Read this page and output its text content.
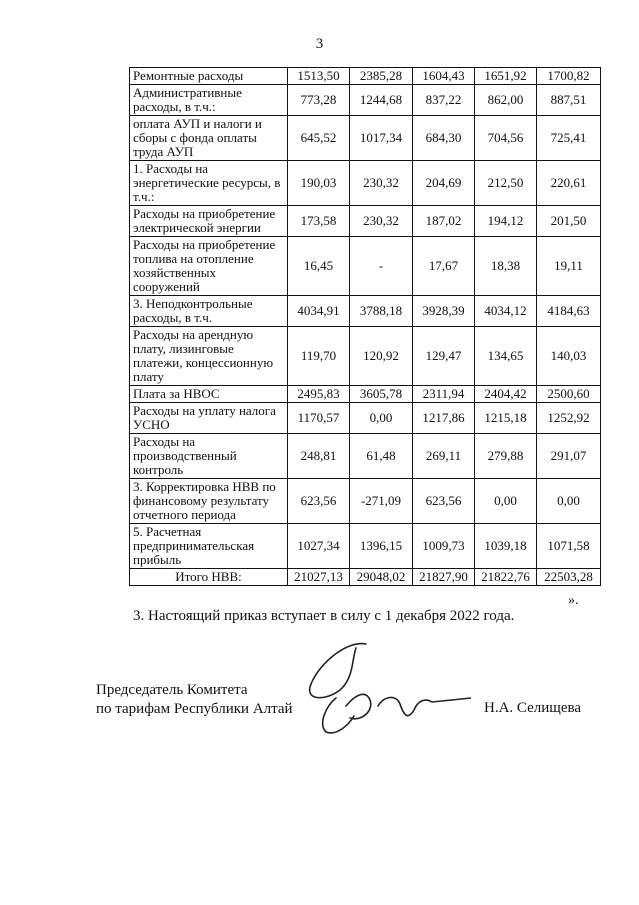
3
Ремонтные расходы	1513,50	2385,28	1604,43	1651,92	1700,82
Административные расходы, в т.ч.:	773,28	1244,68	837,22	862,00	887,51
оплата АУП и налоги и сборы с фонда оплаты труда АУП	645,52	1017,34	684,30	704,56	725,41
1. Расходы на энергетические ресурсы, в т.ч.:	190,03	230,32	204,69	212,50	220,61
Расходы на приобретение электрической энергии	173,58	230,32	187,02	194,12	201,50
Расходы на приобретение топлива на отопление хозяйственных сооружений	16,45	-	17,67	18,38	19,11
3. Неподконтрольные расходы, в т.ч.	4034,91	3788,18	3928,39	4034,12	4184,63
Расходы на арендную плату, лизинговые платежи, концессионную плату	119,70	120,92	129,47	134,65	140,03
Плата за НВОС	2495,83	3605,78	2311,94	2404,42	2500,60
Расходы на уплату налога УСНО	1170,57	0,00	1217,86	1215,18	1252,92
Расходы на производственный контроль	248,81	61,48	269,11	279,88	291,07
3. Корректировка НВВ по финансовому результату отчетного периода	623,56	-271,09	623,56	0,00	0,00
5. Расчетная предпринимательская прибыль	1027,34	1396,15	1009,73	1039,18	1071,58
Итого НВВ:	21027,13	29048,02	21827,90	21822,76	22503,28
».
3. Настоящий приказ вступает в силу с 1 декабря 2022 года.
Председатель Комитета
по тарифам Республики Алтай	Н.А. Селищева
